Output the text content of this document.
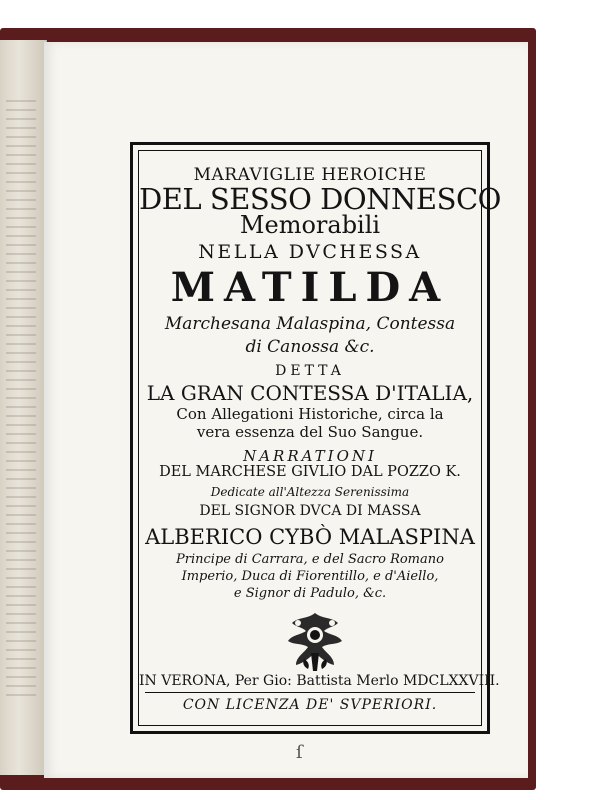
MARAVIGLIE HEROICHE
DEL SESSO DONNESCO
Memorabili
NELLA DVCHESSA
MATILDA
Marchesana Malaspina, Contessa
di Canossa &c.
DETTA
LA GRAN CONTESSA D'ITALIA,
Con Allegationi Historiche, circa la
vera essenza del Suo Sangue.
NARRATIONI
DEL MARCHESE GIVLIO DAL POZZO K.
Dedicate all'Altezza Serenissima
DEL SIGNOR DVCA DI MASSA
ALBERICO CYBÒ MALASPINA
Principe di Carrara, e del Sacro Romano
Imperio, Duca di Fiorentillo, e d'Aiello,
e Signor di Padulo, &c.
IN VERONA, Per Gio: Battista Merlo MDCLXXVIII.
CON LICENZA DE' SVPERIORI.
ſ
